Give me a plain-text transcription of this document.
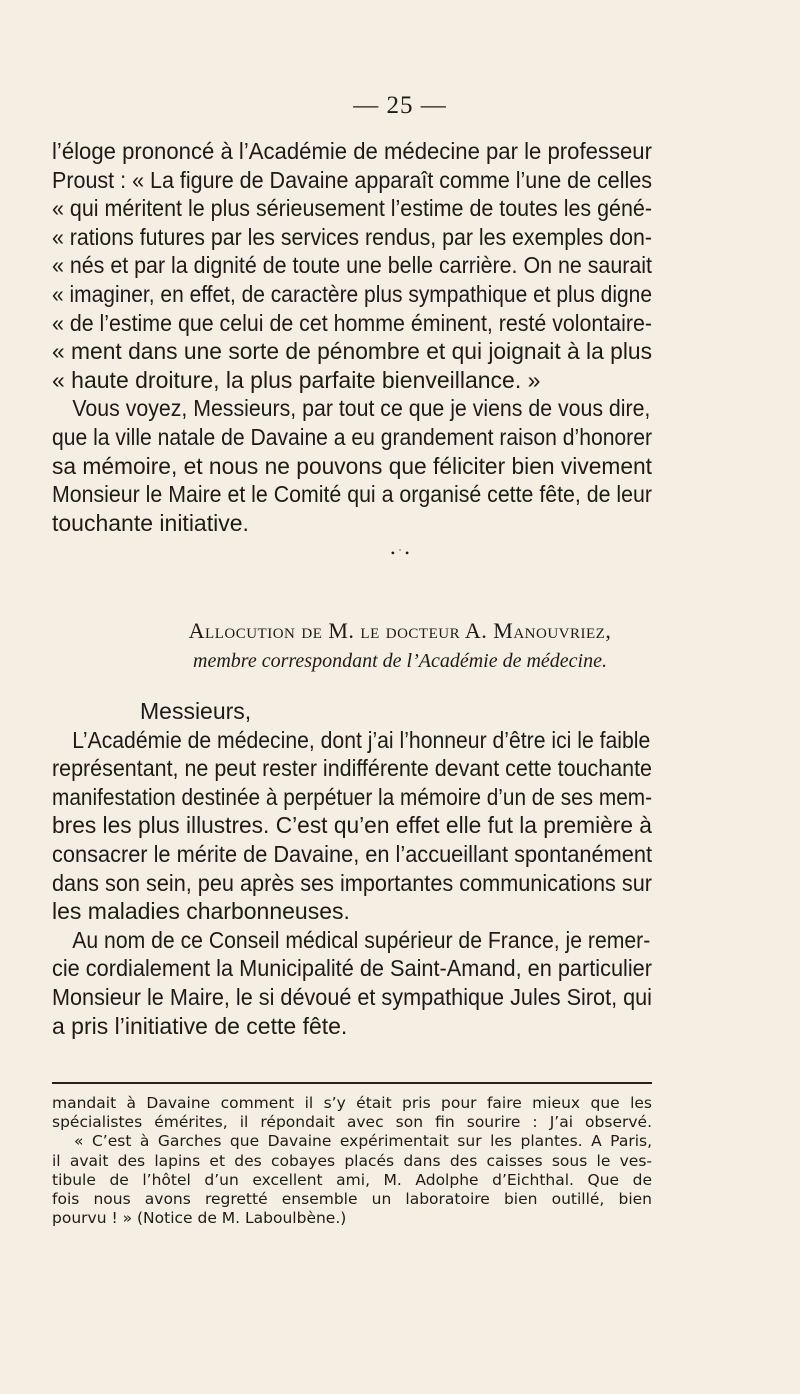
— 25 —
l’éloge prononcé à l’Académie de médecine par le professeur
Proust : « La figure de Davaine apparaît comme l’une de celles
« qui méritent le plus sérieusement l’estime de toutes les géné-
« rations futures par les services rendus, par les exemples don-
« nés et par la dignité de toute une belle carrière. On ne saurait
« imaginer, en effet, de caractère plus sympathique et plus digne
« de l’estime que celui de cet homme éminent, resté volontaire-
« ment dans une sorte de pénombre et qui joignait à la plus
« haute droiture, la plus parfaite bienveillance. »
Vous voyez, Messieurs, par tout ce que je viens de vous dire,
que la ville natale de Davaine a eu grandement raison d’honorer
sa mémoire, et nous ne pouvons que féliciter bien vivement
Monsieur le Maire et le Comité qui a organisé cette fête, de leur
touchante initiative.
• ˙ •
Allocution de M. le docteur A. Manouvriez,
membre correspondant de l’Académie de médecine.
Messieurs,
L’Académie de médecine, dont j’ai l’honneur d’être ici le faible
représentant, ne peut rester indifférente devant cette touchante
manifestation destinée à perpétuer la mémoire d’un de ses mem-
bres les plus illustres. C’est qu’en effet elle fut la première à
consacrer le mérite de Davaine, en l’accueillant spontanément
dans son sein, peu après ses importantes communications sur
les maladies charbonneuses.
Au nom de ce Conseil médical supérieur de France, je remer-
cie cordialement la Municipalité de Saint-Amand, en particulier
Monsieur le Maire, le si dévoué et sympathique Jules Sirot, qui
a pris l’initiative de cette fête.
mandait à Davaine comment il s’y était pris pour faire mieux que les
spécialistes émérites, il répondait avec son fin sourire : J’ai observé.
« C’est à Garches que Davaine expérimentait sur les plantes. A Paris,
il avait des lapins et des cobayes placés dans des caisses sous le ves-
tibule de l’hôtel d’un excellent ami, M. Adolphe d’Eichthal. Que de
fois nous avons regretté ensemble un laboratoire bien outillé, bien
pourvu ! » (Notice de M. Laboulbène.)
